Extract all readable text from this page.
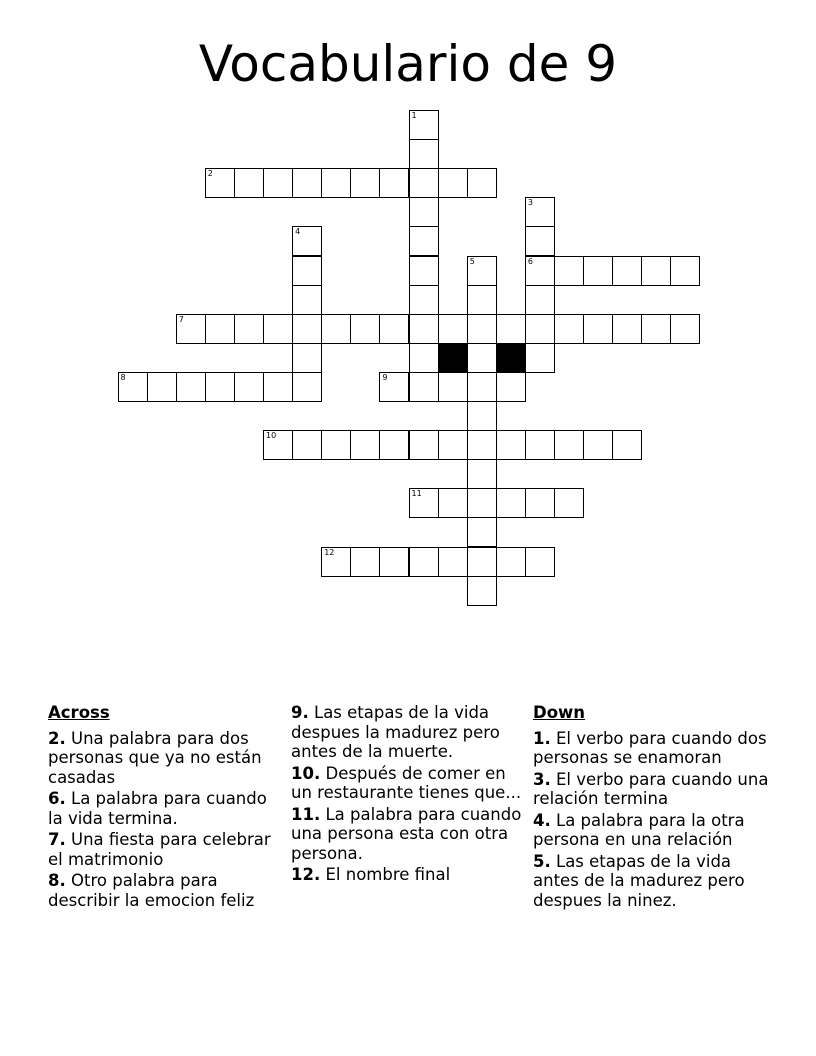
Vocabulario de 9
1
2
3
6
4
5
7
8	9
10
11
12
Across
2. Una palabra para dos personas que ya no están casadas
6. La palabra para cuando la vida termina.
7. Una fiesta para celebrar el matrimonio
8. Otro palabra para describir la emocion feliz
9. Las etapas de la vida despues la madurez pero antes de la muerte.
10. Después de comer en un restaurante tienes que...
11. La palabra para cuando una persona esta con otra persona.
12. El nombre final
Down
1. El verbo para cuando dos personas se enamoran
3. El verbo para cuando una relación termina
4. La palabra para la otra persona en una relación
5. Las etapas de la vida antes de la madurez pero despues la ninez.
